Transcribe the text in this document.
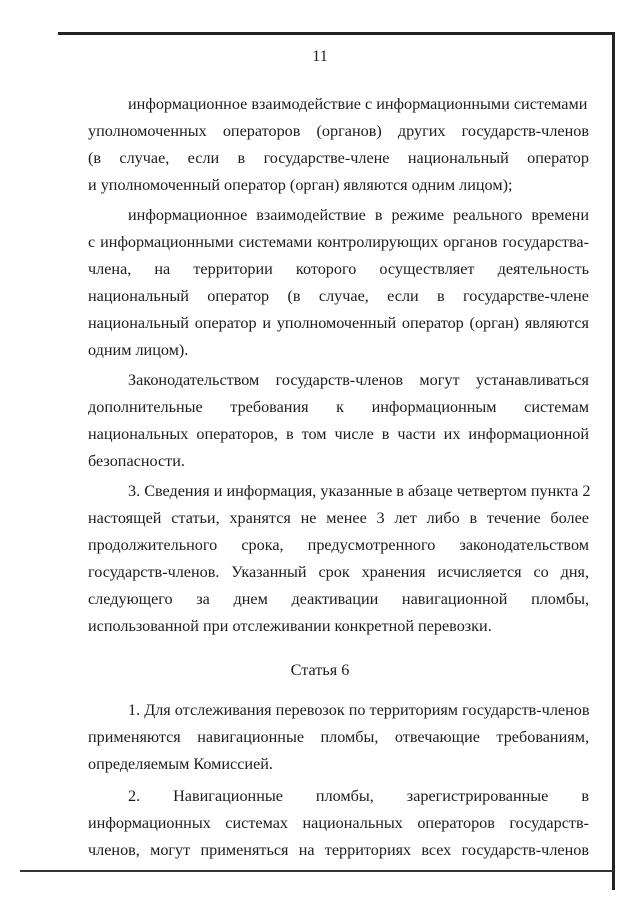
11
информационное взаимодействие с информационными системами
уполномоченных операторов (органов) других государств-членов
(в случае, если в государстве-члене национальный оператор
и уполномоченный оператор (орган) являются одним лицом);
информационное взаимодействие в режиме реального времени
с информационными системами контролирующих органов государства-
члена, на территории которого осуществляет деятельность
национальный оператор (в случае, если в государстве-члене
национальный оператор и уполномоченный оператор (орган) являются
одним лицом).
Законодательством государств-членов могут устанавливаться
дополнительные требования к информационным системам
национальных операторов, в том числе в части их информационной
безопасности.
3. Сведения и информация, указанные в абзаце четвертом пункта 2
настоящей статьи, хранятся не менее 3 лет либо в течение более
продолжительного срока, предусмотренного законодательством
государств-членов. Указанный срок хранения исчисляется со дня,
следующего за днем деактивации навигационной пломбы,
использованной при отслеживании конкретной перевозки.
Статья 6
1. Для отслеживания перевозок по территориям государств-членов
применяются навигационные пломбы, отвечающие требованиям,
определяемым Комиссией.
2. Навигационные пломбы, зарегистрированные в
информационных системах национальных операторов государств-
членов, могут применяться на территориях всех государств-членов
